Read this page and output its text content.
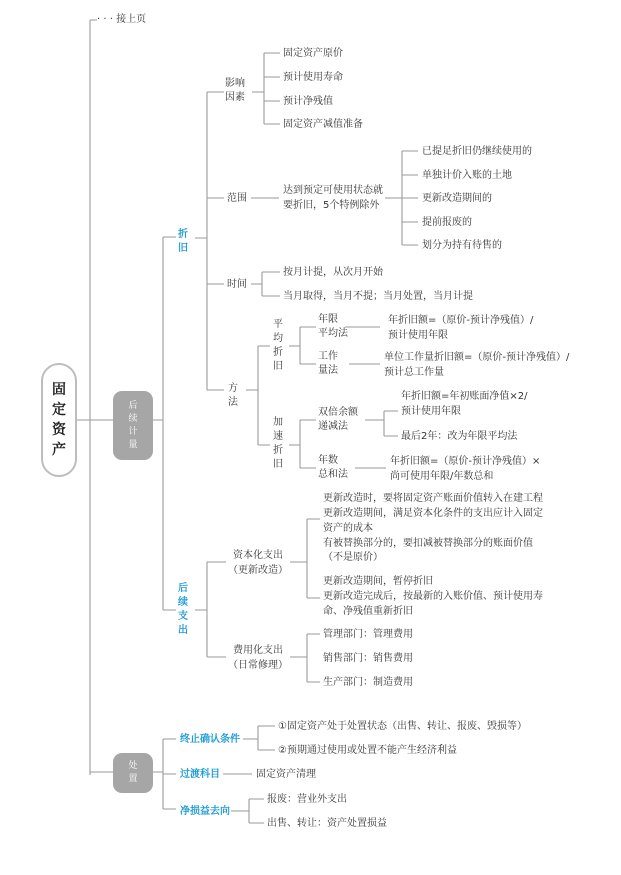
· · · 接上页
固
定
资
产
后
续
计
量
处
置
折
旧
影响
因素
固定资产原价
预计使用寿命
预计净残值
固定资产减值准备
范围
达到预定可使用状态就
要折旧，5个特例除外
已提足折旧仍继续使用的
单独计价入账的土地
更新改造期间的
提前报废的
划分为持有待售的
时间
按月计提，从次月开始
当月取得，当月不提；当月处置，当月计提
方
法
平
均
折
旧
年限
平均法
年折旧额=（原价-预计净残值）/
预计使用年限
工作
量法
单位工作量折旧额=（原价-预计净残值）/
预计总工作量
加
速
折
旧
双倍余额
递减法
年折旧额=年初账面净值×2/
预计使用年限
最后2年：改为年限平均法
年数
总和法
年折旧额=（原价-预计净残值）×
尚可使用年限/年数总和
后
续
支
出
资本化支出
（更新改造）
更新改造时，要将固定资产账面价值转入在建工程
更新改造期间，满足资本化条件的支出应计入固定
资产的成本
有被替换部分的，要扣减被替换部分的账面价值
（不是原价）
更新改造期间，暂停折旧
更新改造完成后，按最新的入账价值、预计使用寿
命、净残值重新折旧
费用化支出
（日常修理）
管理部门：管理费用
销售部门：销售费用
生产部门：制造费用
终止确认条件
①固定资产处于处置状态（出售、转让、报废、毁损等）
②预期通过使用或处置不能产生经济利益
过渡科目	固定资产清理
净损益去向
报废：营业外支出
出售、转让：资产处置损益
